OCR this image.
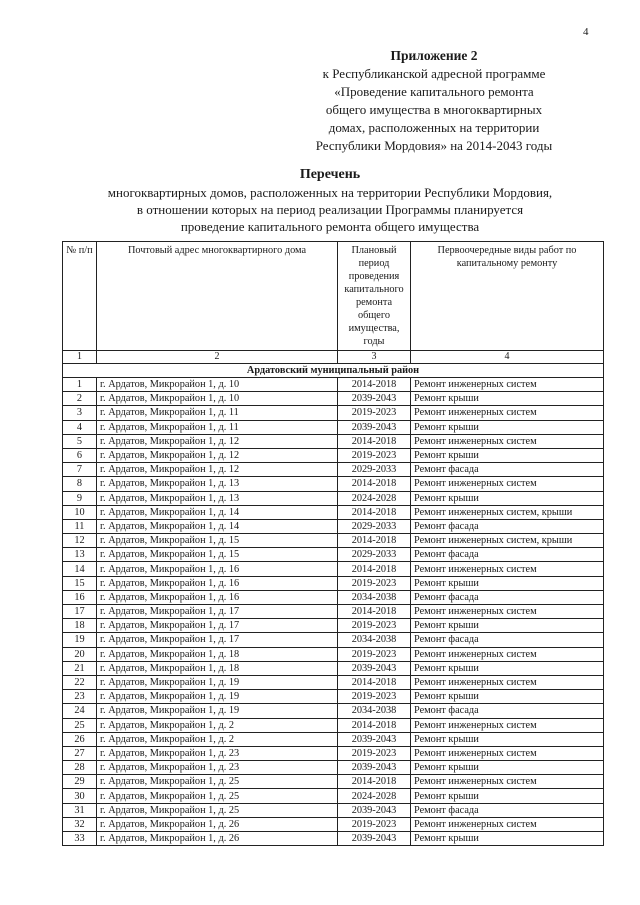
4
Приложение 2
к Республиканской адресной программе
«Проведение капитального ремонта
общего имущества в многоквартирных
домах, расположенных на территории
Республики Мордовия» на 2014-2043 годы
Перечень
многоквартирных домов, расположенных на территории Республики Мордовия,
в отношении которых на период реализации Программы планируется
проведение капитального ремонта общего имущества
№ п/п	Почтовый адрес многоквартирного дома	Плановый период проведения капитального ремонта общего имущества, годы	Первоочередные виды работ по капитальному ремонту
1	2	3	4
Ардатовский муниципальный район			
1	г. Ардатов, Микрорайон 1, д. 10	2014-2018	Ремонт инженерных систем
2	г. Ардатов, Микрорайон 1, д. 10	2039-2043	Ремонт крыши
3	г. Ардатов, Микрорайон 1, д. 11	2019-2023	Ремонт инженерных систем
4	г. Ардатов, Микрорайон 1, д. 11	2039-2043	Ремонт крыши
5	г. Ардатов, Микрорайон 1, д. 12	2014-2018	Ремонт инженерных систем
6	г. Ардатов, Микрорайон 1, д. 12	2019-2023	Ремонт крыши
7	г. Ардатов, Микрорайон 1, д. 12	2029-2033	Ремонт фасада
8	г. Ардатов, Микрорайон 1, д. 13	2014-2018	Ремонт инженерных систем
9	г. Ардатов, Микрорайон 1, д. 13	2024-2028	Ремонт крыши
10	г. Ардатов, Микрорайон 1, д. 14	2014-2018	Ремонт инженерных систем, крыши
11	г. Ардатов, Микрорайон 1, д. 14	2029-2033	Ремонт фасада
12	г. Ардатов, Микрорайон 1, д. 15	2014-2018	Ремонт инженерных систем, крыши
13	г. Ардатов, Микрорайон 1, д. 15	2029-2033	Ремонт фасада
14	г. Ардатов, Микрорайон 1, д. 16	2014-2018	Ремонт инженерных систем
15	г. Ардатов, Микрорайон 1, д. 16	2019-2023	Ремонт крыши
16	г. Ардатов, Микрорайон 1, д. 16	2034-2038	Ремонт фасада
17	г. Ардатов, Микрорайон 1, д. 17	2014-2018	Ремонт инженерных систем
18	г. Ардатов, Микрорайон 1, д. 17	2019-2023	Ремонт крыши
19	г. Ардатов, Микрорайон 1, д. 17	2034-2038	Ремонт фасада
20	г. Ардатов, Микрорайон 1, д. 18	2019-2023	Ремонт инженерных систем
21	г. Ардатов, Микрорайон 1, д. 18	2039-2043	Ремонт крыши
22	г. Ардатов, Микрорайон 1, д. 19	2014-2018	Ремонт инженерных систем
23	г. Ардатов, Микрорайон 1, д. 19	2019-2023	Ремонт крыши
24	г. Ардатов, Микрорайон 1, д. 19	2034-2038	Ремонт фасада
25	г. Ардатов, Микрорайон 1, д. 2	2014-2018	Ремонт инженерных систем
26	г. Ардатов, Микрорайон 1, д. 2	2039-2043	Ремонт крыши
27	г. Ардатов, Микрорайон 1, д. 23	2019-2023	Ремонт инженерных систем
28	г. Ардатов, Микрорайон 1, д. 23	2039-2043	Ремонт крыши
29	г. Ардатов, Микрорайон 1, д. 25	2014-2018	Ремонт инженерных систем
30	г. Ардатов, Микрорайон 1, д. 25	2024-2028	Ремонт крыши
31	г. Ардатов, Микрорайон 1, д. 25	2039-2043	Ремонт фасада
32	г. Ардатов, Микрорайон 1, д. 26	2019-2023	Ремонт инженерных систем
33	г. Ардатов, Микрорайон 1, д. 26	2039-2043	Ремонт крыши
